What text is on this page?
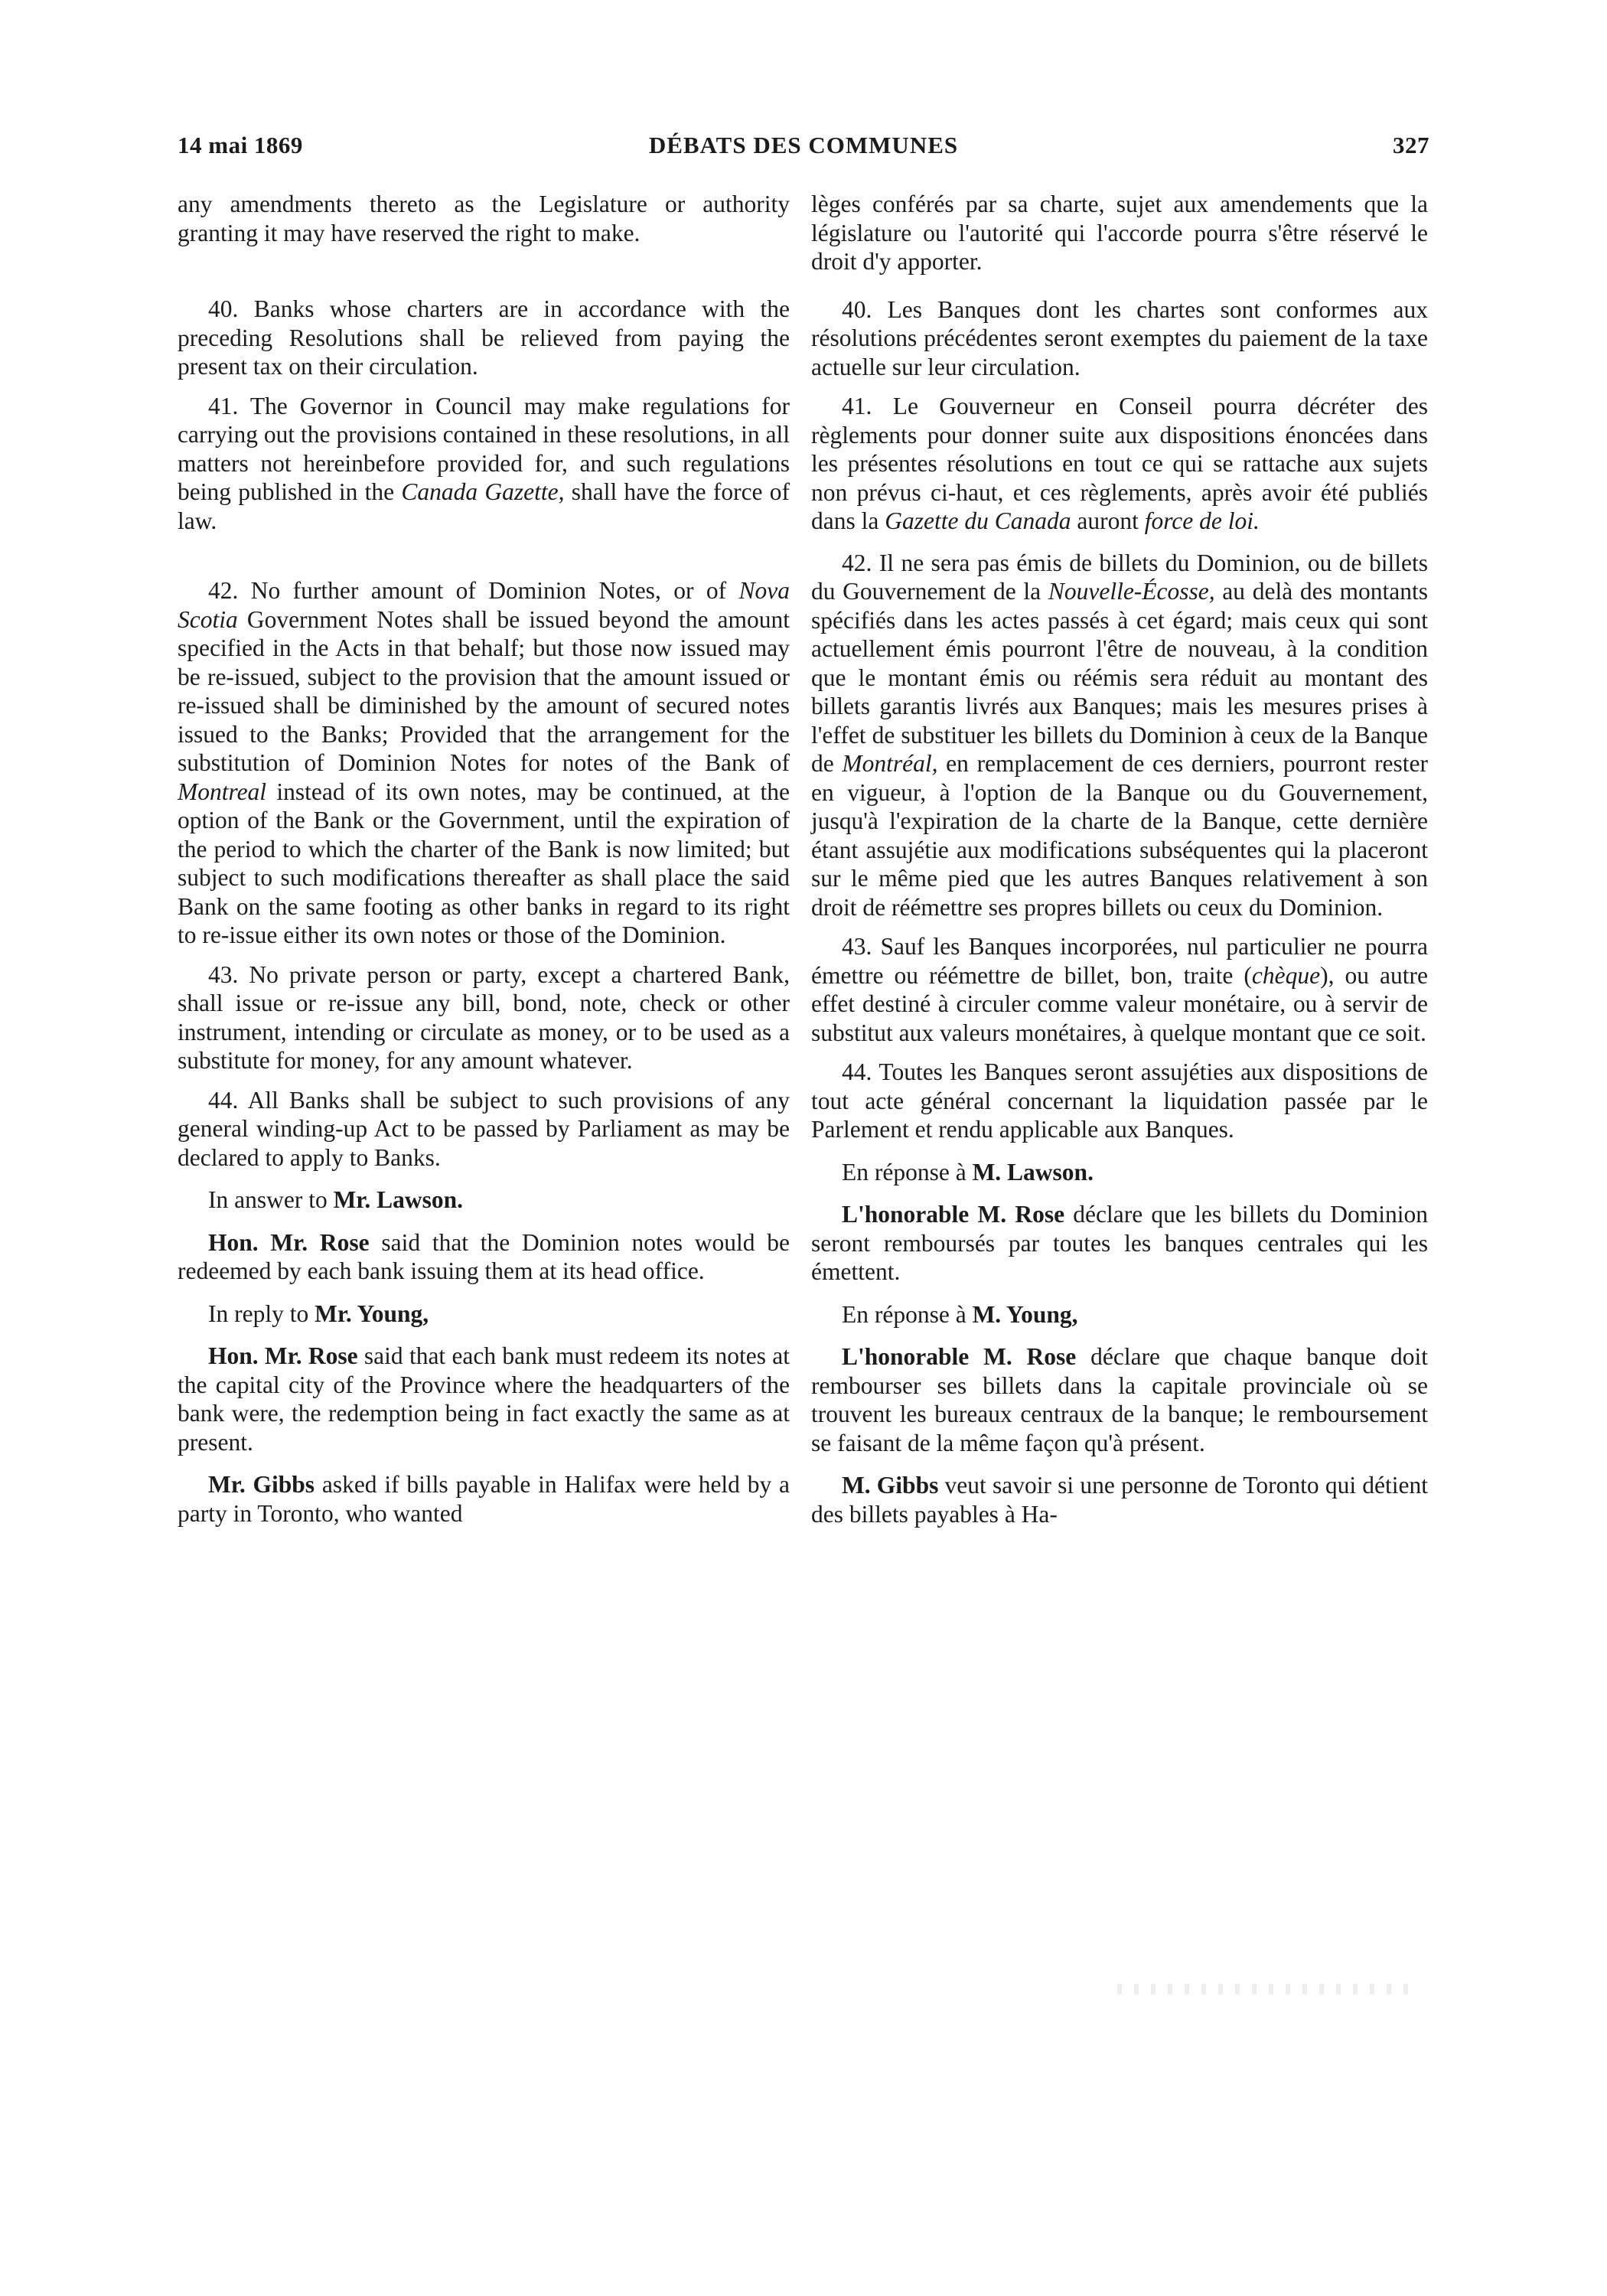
14 mai 1869	DÉBATS DES COMMUNES	327

any amendments thereto as the Legislature or authority granting it may have reserved the right to make.

40. Banks whose charters are in accordance with the preceding Resolutions shall be relieved from paying the present tax on their circulation.

41. The Governor in Council may make regulations for carrying out the provisions contained in these resolutions, in all matters not hereinbefore provided for, and such regulations being published in the Canada Gazette, shall have the force of law.

42. No further amount of Dominion Notes, or of Nova Scotia Government Notes shall be issued beyond the amount specified in the Acts in that behalf; but those now issued may be re-issued, subject to the provision that the amount issued or re-issued shall be diminished by the amount of secured notes issued to the Banks; Provided that the arrangement for the substitution of Dominion Notes for notes of the Bank of Montreal instead of its own notes, may be continued, at the option of the Bank or the Government, until the expiration of the period to which the charter of the Bank is now limited; but subject to such modifications thereafter as shall place the said Bank on the same footing as other banks in regard to its right to re-issue either its own notes or those of the Dominion.

43. No private person or party, except a chartered Bank, shall issue or re-issue any bill, bond, note, check or other instrument, intending or circulate as money, or to be used as a substitute for money, for any amount whatever.

44. All Banks shall be subject to such provisions of any general winding-up Act to be passed by Parliament as may be declared to apply to Banks.

In answer to Mr. Lawson.

Hon. Mr. Rose said that the Dominion notes would be redeemed by each bank issuing them at its head office.

In reply to Mr. Young,

Hon. Mr. Rose said that each bank must redeem its notes at the capital city of the Province where the headquarters of the bank were, the redemption being in fact exactly the same as at present.

Mr. Gibbs asked if bills payable in Halifax were held by a party in Toronto, who wanted

lèges conférés par sa charte, sujet aux amendements que la législature ou l'autorité qui l'accorde pourra s'être réservé le droit d'y apporter.

40. Les Banques dont les chartes sont conformes aux résolutions précédentes seront exemptes du paiement de la taxe actuelle sur leur circulation.

41. Le Gouverneur en Conseil pourra décréter des règlements pour donner suite aux dispositions énoncées dans les présentes résolutions en tout ce qui se rattache aux sujets non prévus ci-haut, et ces règlements, après avoir été publiés dans la Gazette du Canada auront force de loi.

42. Il ne sera pas émis de billets du Dominion, ou de billets du Gouvernement de la Nouvelle-Écosse, au delà des montants spécifiés dans les actes passés à cet égard; mais ceux qui sont actuellement émis pourront l'être de nouveau, à la condition que le montant émis ou réémis sera réduit au montant des billets garantis livrés aux Banques; mais les mesures prises à l'effet de substituer les billets du Dominion à ceux de la Banque de Montréal, en remplacement de ces derniers, pourront rester en vigueur, à l'option de la Banque ou du Gouvernement, jusqu'à l'expiration de la charte de la Banque, cette dernière étant assujétie aux modifications subséquentes qui la placeront sur le même pied que les autres Banques relativement à son droit de réémettre ses propres billets ou ceux du Dominion.

43. Sauf les Banques incorporées, nul particulier ne pourra émettre ou réémettre de billet, bon, traite (chèque), ou autre effet destiné à circuler comme valeur monétaire, ou à servir de substitut aux valeurs monétaires, à quelque montant que ce soit.

44. Toutes les Banques seront assujéties aux dispositions de tout acte général concernant la liquidation passée par le Parlement et rendu applicable aux Banques.

En réponse à M. Lawson.

L'honorable M. Rose déclare que les billets du Dominion seront remboursés par toutes les banques centrales qui les émettent.

En réponse à M. Young,

L'honorable M. Rose déclare que chaque banque doit rembourser ses billets dans la capitale provinciale où se trouvent les bureaux centraux de la banque; le remboursement se faisant de la même façon qu'à présent.

M. Gibbs veut savoir si une personne de Toronto qui détient des billets payables à Ha-
